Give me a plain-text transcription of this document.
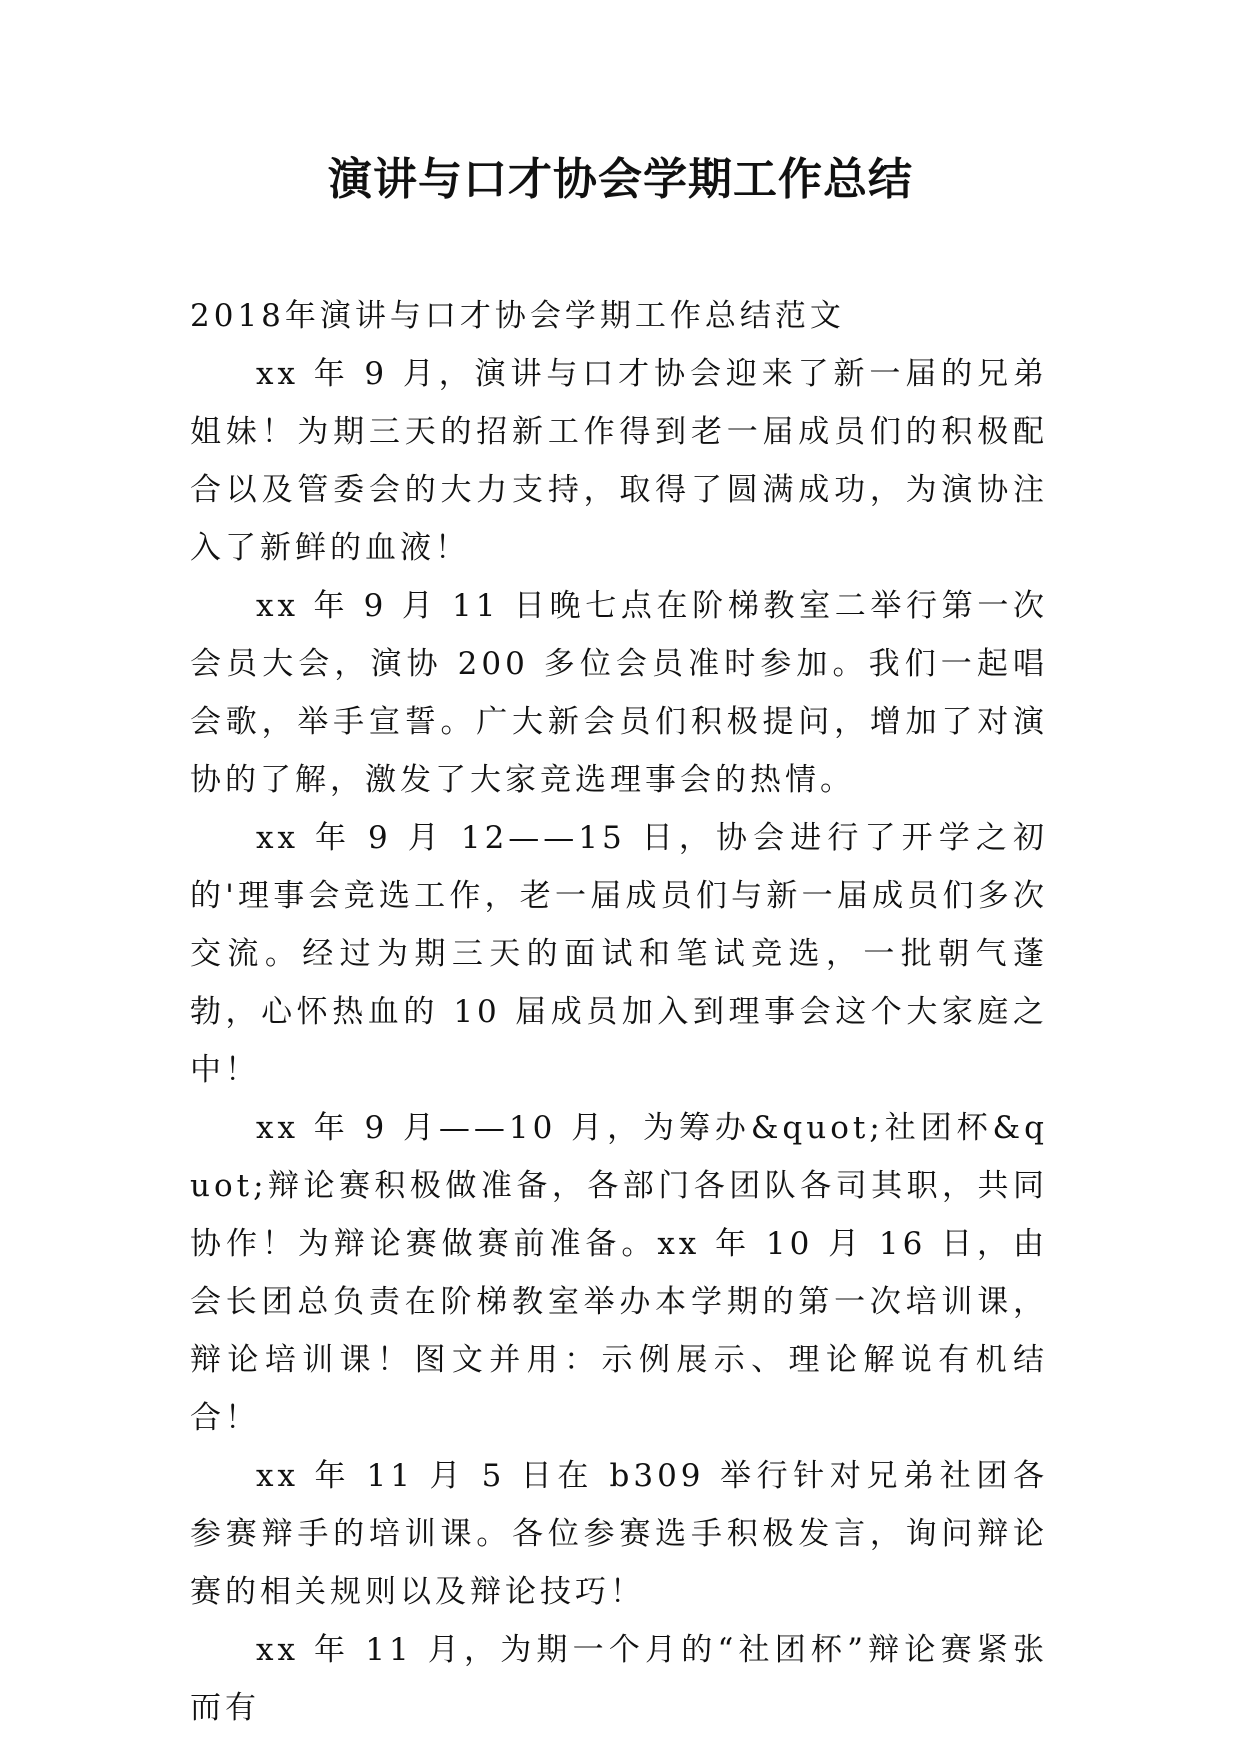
演讲与口才协会学期工作总结

2018年演讲与口才协会学期工作总结范文

xx 年 9 月，演讲与口才协会迎来了新一届的兄弟姐妹！为期三天的招新工作得到老一届成员们的积极配合以及管委会的大力支持，取得了圆满成功，为演协注入了新鲜的血液！

xx 年 9 月 11 日晚七点在阶梯教室二举行第一次会员大会，演协 200 多位会员准时参加。我们一起唱会歌，举手宣誓。广大新会员们积极提问，增加了对演协的了解，激发了大家竞选理事会的热情。

xx 年 9 月 12——15 日，协会进行了开学之初的'理事会竞选工作，老一届成员们与新一届成员们多次交流。经过为期三天的面试和笔试竞选，一批朝气蓬勃，心怀热血的 10 届成员加入到理事会这个大家庭之中！

xx 年 9 月——10 月，为筹办&quot;社团杯&quot;辩论赛积极做准备，各部门各团队各司其职，共同协作！为辩论赛做赛前准备。xx 年 10 月 16 日，由会长团总负责在阶梯教室举办本学期的第一次培训课，辩论培训课！图文并用：示例展示、理论解说有机结合！

xx 年 11 月 5 日在 b309 举行针对兄弟社团各参赛辩手的培训课。各位参赛选手积极发言，询问辩论赛的相关规则以及辩论技巧！

xx 年 11 月，为期一个月的“社团杯”辩论赛紧张而有
